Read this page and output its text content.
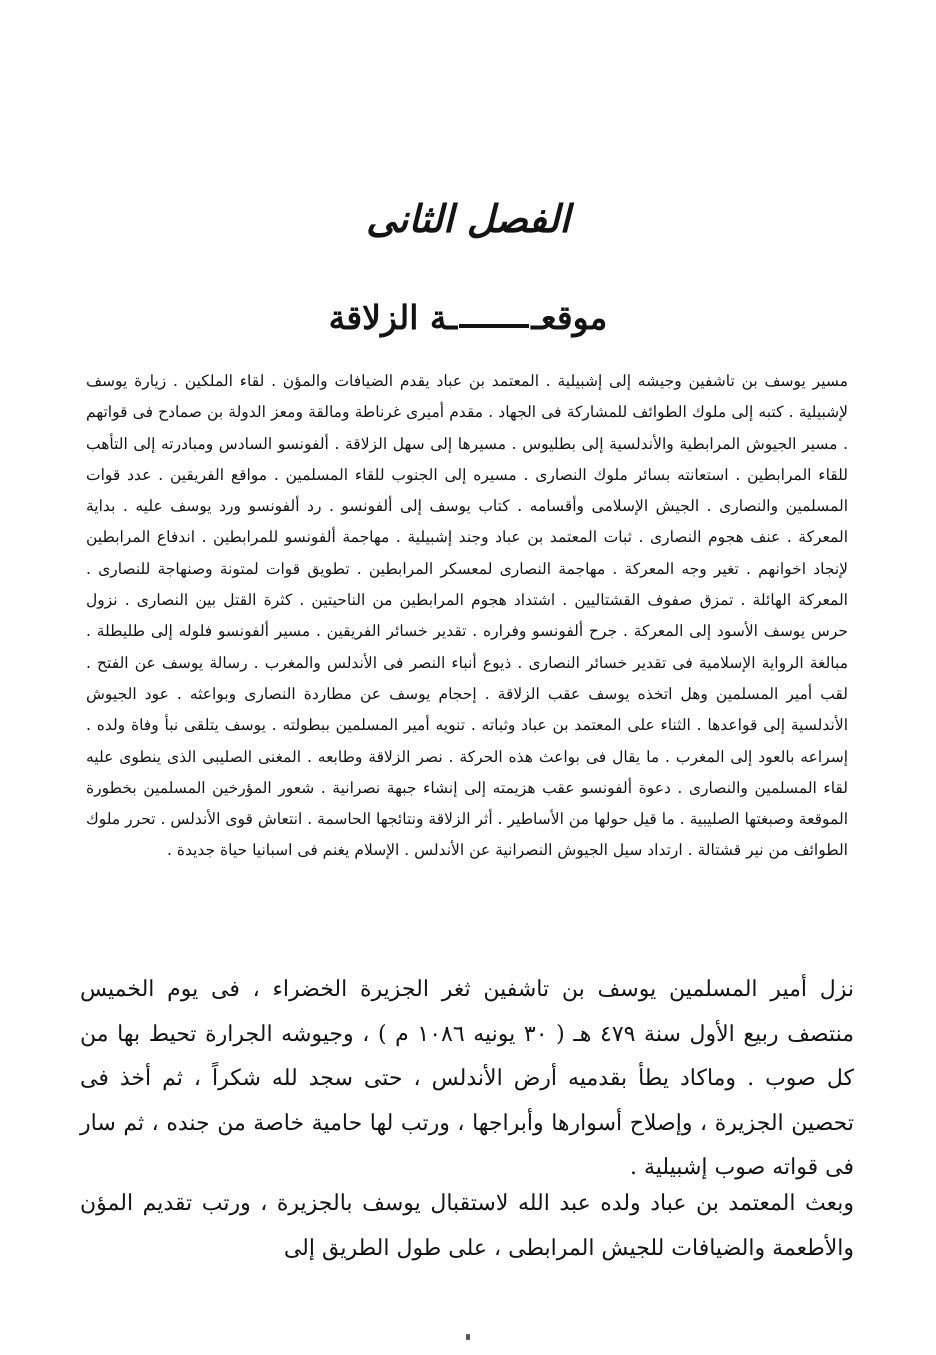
الفصل الثانى
موقعــة الزلاقة

مسير يوسف بن تاشفين وجيشه إلى إشبيلية . المعتمد بن عباد يقدم الضيافات والمؤن . لقاء الملكين . زيارة يوسف لإشبيلية . كتبه إلى ملوك الطوائف للمشاركة فى الجهاد . مقدم أميرى غرناطة ومالقة ومعز الدولة بن صمادح فى قواتهم . مسير الجيوش المرابطية والأندلسية إلى بطليوس . مسيرها إلى سهل الزلاقة . ألفونسو السادس ومبادرته إلى التأهب للقاء المرابطين . استعانته بسائر ملوك النصارى . مسيره إلى الجنوب للقاء المسلمين . مواقع الفريقين . عدد قوات المسلمين والنصارى . الجيش الإسلامى وأقسامه . كتاب يوسف إلى ألفونسو . رد ألفونسو ورد يوسف عليه . بداية المعركة . عنف هجوم النصارى . ثبات المعتمد بن عباد وجند إشبيلية . مهاجمة ألفونسو للمرابطين . اندفاع المرابطين لإنجاد اخوانهم . تغير وجه المعركة . مهاجمة النصارى لمعسكر المرابطين . تطويق قوات لمتونة وصنهاجة للنصارى . المعركة الهائلة . تمزق صفوف القشتاليين . اشتداد هجوم المرابطين من الناحيتين . كثرة القتل بين النصارى . نزول حرس يوسف الأسود إلى المعركة . جرح ألفونسو وفراره . تقدير خسائر الفريقين . مسير ألفونسو فلوله إلى طليطلة . مبالغة الرواية الإسلامية فى تقدير خسائر النصارى . ذيوع أنباء النصر فى الأندلس والمغرب . رسالة يوسف عن الفتح . لقب أمير المسلمين وهل اتخذه يوسف عقب الزلاقة . إحجام يوسف عن مطاردة النصارى وبواعثه . عود الجيوش الأندلسية إلى قواعدها . الثناء على المعتمد بن عباد وثباته . تنويه أمير المسلمين ببطولته . يوسف يتلقى نبأ وفاة ولده . إسراعه بالعود إلى المغرب . ما يقال فى بواعث هذه الحركة . نصر الزلاقة وطابعه . المغنى الصليبى الذى ينطوى عليه لقاء المسلمين والنصارى . دعوة ألفونسو عقب هزيمته إلى إنشاء جبهة نصرانية . شعور المؤرخين المسلمين بخطورة الموقعة وصبغتها الصليبية . ما قيل حولها من الأساطير . أثر الزلاقة ونتائجها الحاسمة . انتعاش قوى الأندلس . تحرر ملوك الطوائف من نير قشتالة . ارتداد سيل الجيوش النصرانية عن الأندلس . الإسلام يغنم فى اسبانيا حياة جديدة .

نزل أمير المسلمين يوسف بن تاشفين ثغر الجزيرة الخضراء ، فى يوم الخميس منتصف ربيع الأول سنة ٤٧٩ هـ ( ٣٠ يونيه ١٠٨٦ م ) ، وجيوشه الجرارة تحيط بها من كل صوب . وماكاد يطأ بقدميه أرض الأندلس ، حتى سجد لله شكراً ، ثم أخذ فى تحصين الجزيرة ، وإصلاح أسوارها وأبراجها ، ورتب لها حامية خاصة من جنده ، ثم سار فى قواته صوب إشبيلية .

وبعث المعتمد بن عباد ولده عبد الله لاستقبال يوسف بالجزيرة ، ورتب تقديم المؤن والأطعمة والضيافات للجيش المرابطى ، على طول الطريق إلى
